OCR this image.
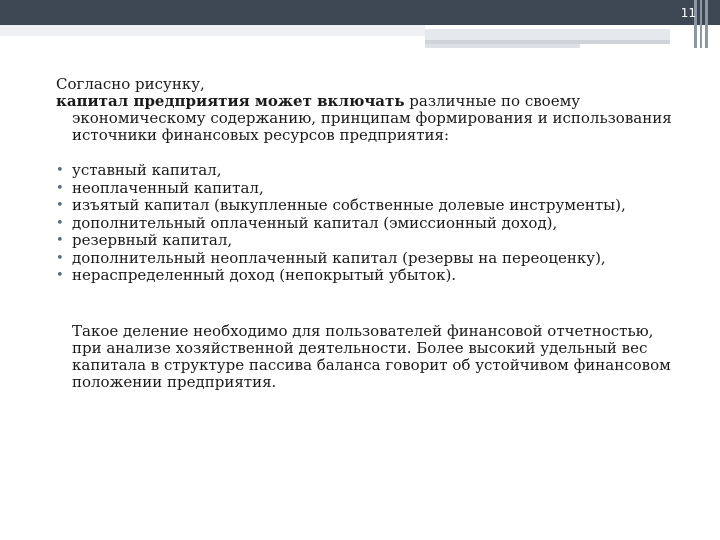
11

Согласно рисунку,

капитал предприятия может включать различные по своему экономическому содержанию, принципам формирования и использования источники финансовых ресурсов предприятия:

• уставный капитал,
• неоплаченный капитал,
• изъятый капитал (выкупленные собственные долевые инструменты),
• дополнительный оплаченный капитал (эмиссионный доход),
• резервный капитал,
• дополнительный неоплаченный капитал (резервы на переоценку),
• нераспределенный доход (непокрытый убыток).

Такое деление необходимо для пользователей финансовой отчетностью, при анализе хозяйственной деятельности. Более высокий удельный вес капитала в структуре пассива баланса говорит об устойчивом финансовом положении предприятия.
